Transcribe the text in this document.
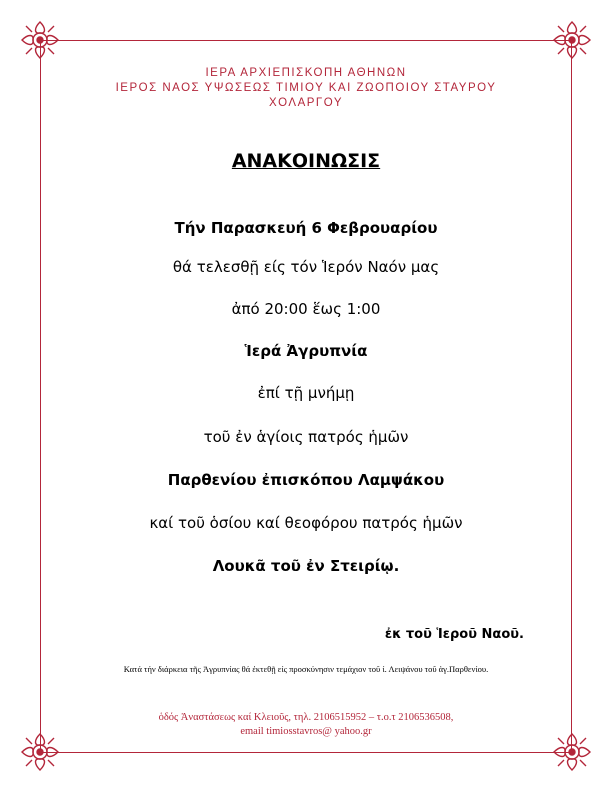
ΙΕΡΑ ΑΡΧΙΕΠΙΣΚΟΠΗ ΑΘΗΝΩΝ
ΙΕΡΟΣ ΝΑΟΣ ΥΨΩΣΕΩΣ ΤΙΜΙΟΥ ΚΑΙ ΖΩΟΠΟΙΟΥ ΣΤΑΥΡΟΥ
ΧΟΛΑΡΓΟΥ
ΑΝΑΚΟΙΝΩΣΙΣ
Τήν Παρασκευή 6 Φεβρουαρίου
θά τελεσθῇ είς τόν Ἱερόν Ναόν μας
ἀπό 20:00 ἕως 1:00
Ἱερά Ἀγρυπνία
ἐπί τῇ μνήμῃ
τοῦ ἐν ἁγίοις πατρός ἡμῶν
Παρθενίου ἐπισκόπου Λαμψάκου
καί τοῦ ὁσίου καί θεοφόρου πατρός ἡμῶν
Λουκᾶ τοῦ ἐν Στειρίῳ.
ἐκ τοῦ Ἱεροῦ Ναοῦ.
Κατά τήν διάρκεια τῆς Ἀγρυπνίας θά ἐκτεθῇ είς προσκύνησιν τεμάχιον τοῦ ί. Λειψάνου τοῦ ἁγ.Παρθενίου.
ὁδός Ἀναστάσεως καί Κλειοῦς, τηλ. 2106515952 – τ.ο.τ 2106536508,
email timiosstavros@ yahoo.gr
